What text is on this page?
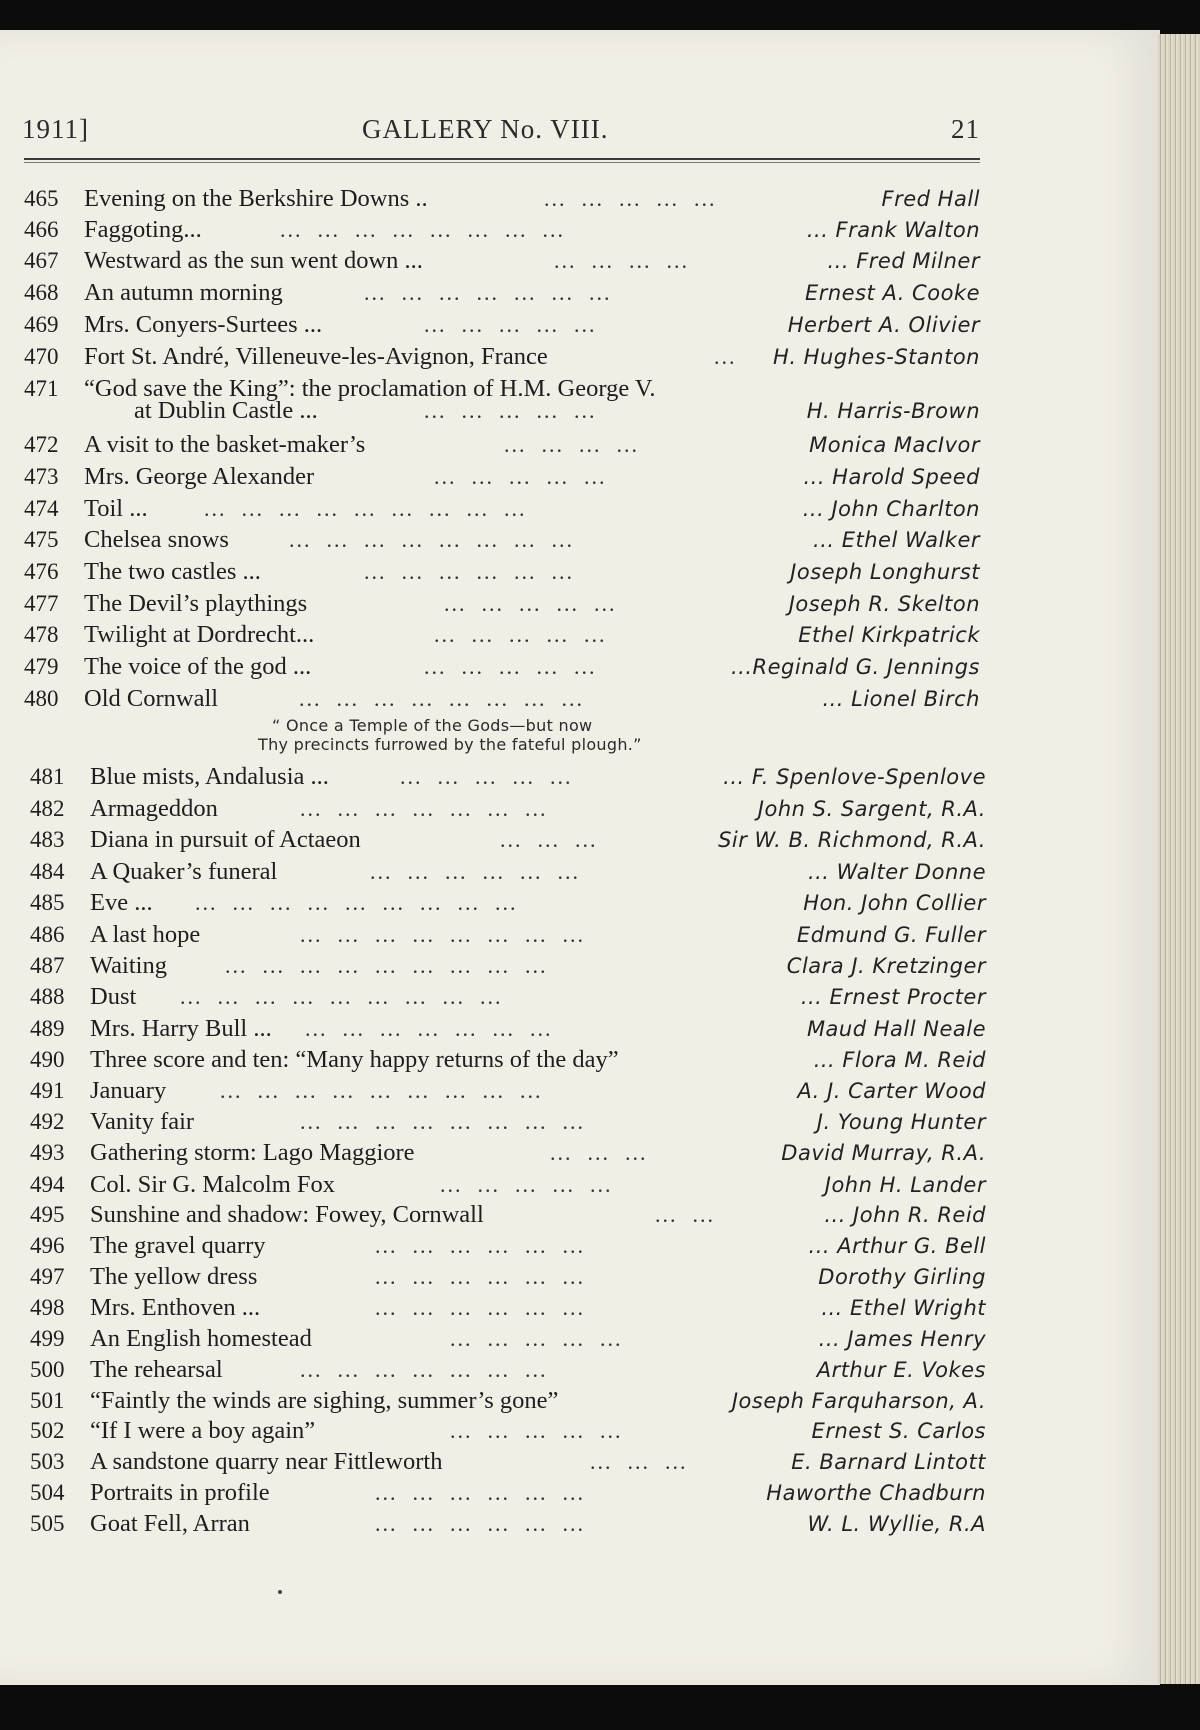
1911]	GALLERY No. VIII.	21
465	Evening on the Berkshire Downs ..	...  ...  ...  ...  ...	Fred Hall
466	Faggoting...	...  ...  ...  ...  ...  ...  ...  ...	... Frank Walton
467	Westward as the sun went down ...	...  ...  ...  ...	... Fred Milner
468	An autumn morning	...  ...  ...  ...  ...  ...  ...	Ernest A. Cooke
469	Mrs. Conyers-Surtees ...	...  ...  ...  ...  ...	Herbert A. Olivier
470	Fort St. André, Villeneuve-les-Avignon, France	...	H. Hughes-Stanton
471	“God save the King”: the proclamation of H.M. George V.
at Dublin Castle ...	...  ...  ...  ...  ...	H. Harris-Brown
472	A visit to the basket-maker’s	...  ...  ...  ...	Monica MacIvor
473	Mrs. George Alexander	...  ...  ...  ...  ...	... Harold Speed
474	Toil ...	...  ...  ...  ...  ...  ...  ...  ...  ...	... John Charlton
475	Chelsea snows	...  ...  ...  ...  ...  ...  ...  ...	... Ethel Walker
476	The two castles ...	...  ...  ...  ...  ...  ...	Joseph Longhurst
477	The Devil’s playthings	...  ...  ...  ...  ...	Joseph R. Skelton
478	Twilight at Dordrecht...	...  ...  ...  ...  ...	Ethel Kirkpatrick
479	The voice of the god ...	...  ...  ...  ...  ...	...Reginald G. Jennings
480	Old Cornwall	...  ...  ...  ...  ...  ...  ...  ...	... Lionel Birch
“ Once a Temple of the Gods—but now
Thy precincts furrowed by the fateful plough.”
481	Blue mists, Andalusia ...	...  ...  ...  ...  ...	... F. Spenlove-Spenlove
482	Armageddon	...  ...  ...  ...  ...  ...  ...	John S. Sargent, R.A.
483	Diana in pursuit of Actaeon	...  ...  ...	Sir W. B. Richmond, R.A.
484	A Quaker’s funeral	...  ...  ...  ...  ...  ...	... Walter Donne
485	Eve ... ...  ...  ...  ...  ...  ...  ...  ...  ...	Hon. John Collier
486	A last hope	...  ...  ...  ...  ...  ...  ...  ...	Edmund G. Fuller
487	Waiting	...  ...  ...  ...  ...  ...  ...  ...  ...	Clara J. Kretzinger
488	Dust ...  ...  ...  ...  ...  ...  ...  ...  ...	... Ernest Procter
489	Mrs. Harry Bull ... ...  ...  ...  ...  ...  ...  ...	Maud Hall Neale
490	Three score and ten: “Many happy returns of the day”	... Flora M. Reid
491	January ...  ...  ...  ...  ...  ...  ...  ...  ...	A. J. Carter Wood
492	Vanity fair	...  ...  ...  ...  ...  ...  ...  ...	J. Young Hunter
493	Gathering storm: Lago Maggiore	...  ...  ...	David Murray, R.A.
494	Col. Sir G. Malcolm Fox	...  ...  ...  ...  ...	John H. Lander
495	Sunshine and shadow: Fowey, Cornwall	...  ...	... John R. Reid
496	The gravel quarry	...  ...  ...  ...  ...  ...	... Arthur G. Bell
497	The yellow dress	...  ...  ...  ...  ...  ...	Dorothy Girling
498	Mrs. Enthoven ...	...  ...  ...  ...  ...  ...	... Ethel Wright
499	An English homestead	...  ...  ...  ...  ...	... James Henry
500	The rehearsal	...  ...  ...  ...  ...  ...  ...	Arthur E. Vokes
501	“Faintly the winds are sighing, summer’s gone”	Joseph Farquharson, A.
502	“If I were a boy again”	...  ...  ...  ...  ...	Ernest S. Carlos
503	A sandstone quarry near Fittleworth	...  ...  ...	E. Barnard Lintott
504	Portraits in profile	...  ...  ...  ...  ...  ...	Haworthe Chadburn
505	Goat Fell, Arran	...  ...  ...  ...  ...  ...	W. L. Wyllie, R.A
